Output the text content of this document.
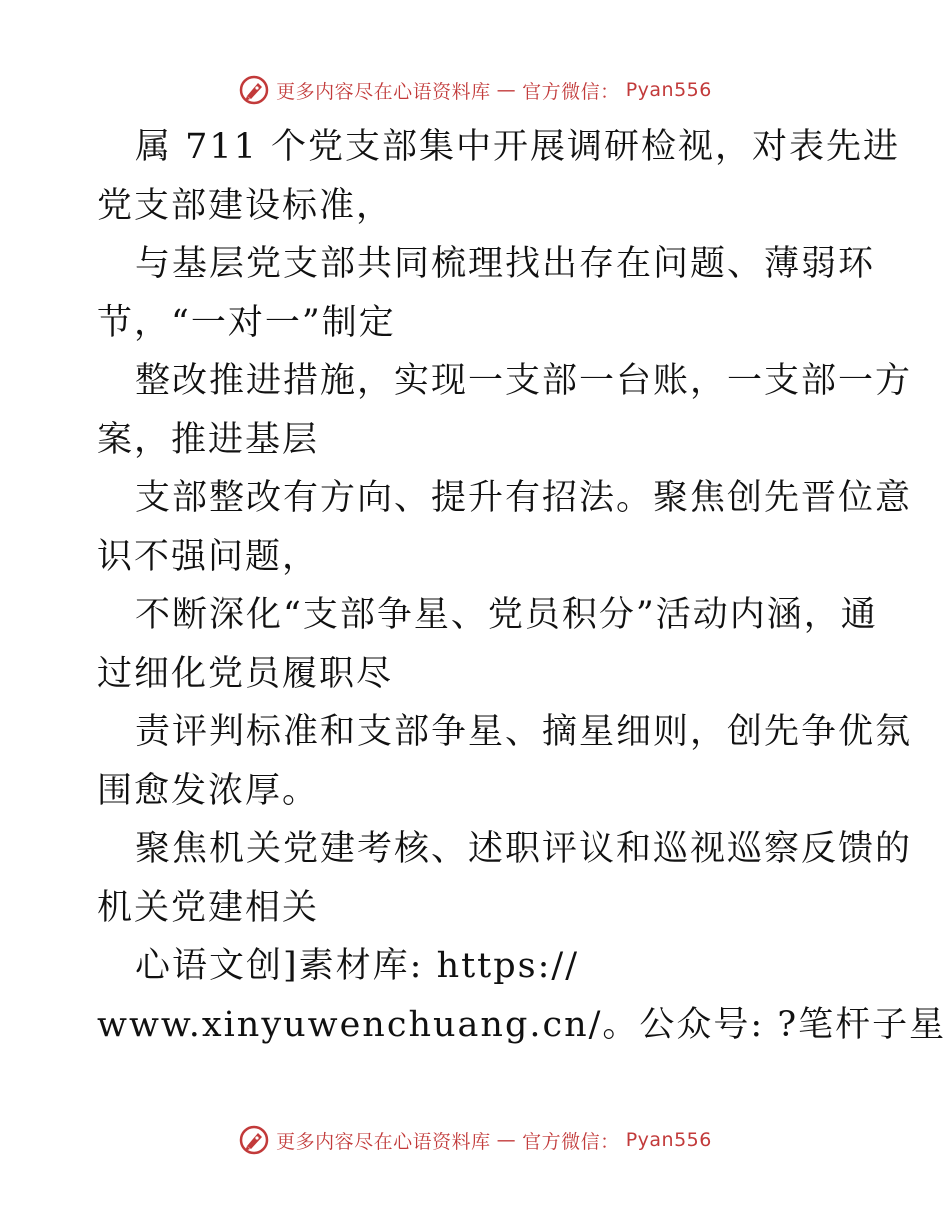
更多内容尽在心语资料库 — 官方微信： Pyan556
属 711 个党支部集中开展调研检视，对表先进
党支部建设标准，
与基层党支部共同梳理找出存在问题、薄弱环
节，“一对一”制定
整改推进措施，实现一支部一台账，一支部一方
案，推进基层
支部整改有方向、提升有招法。聚焦创先晋位意
识不强问题，
不断深化“支部争星、党员积分”活动内涵，通
过细化党员履职尽
责评判标准和支部争星、摘星细则，创先争优氛
围愈发浓厚。
聚焦机关党建考核、述职评议和巡视巡察反馈的
机关党建相关
心语文创]素材库: https://
www.xinyuwenchuang.cn/。公众号: ?笔杆子星
更多内容尽在心语资料库 — 官方微信： Pyan556
